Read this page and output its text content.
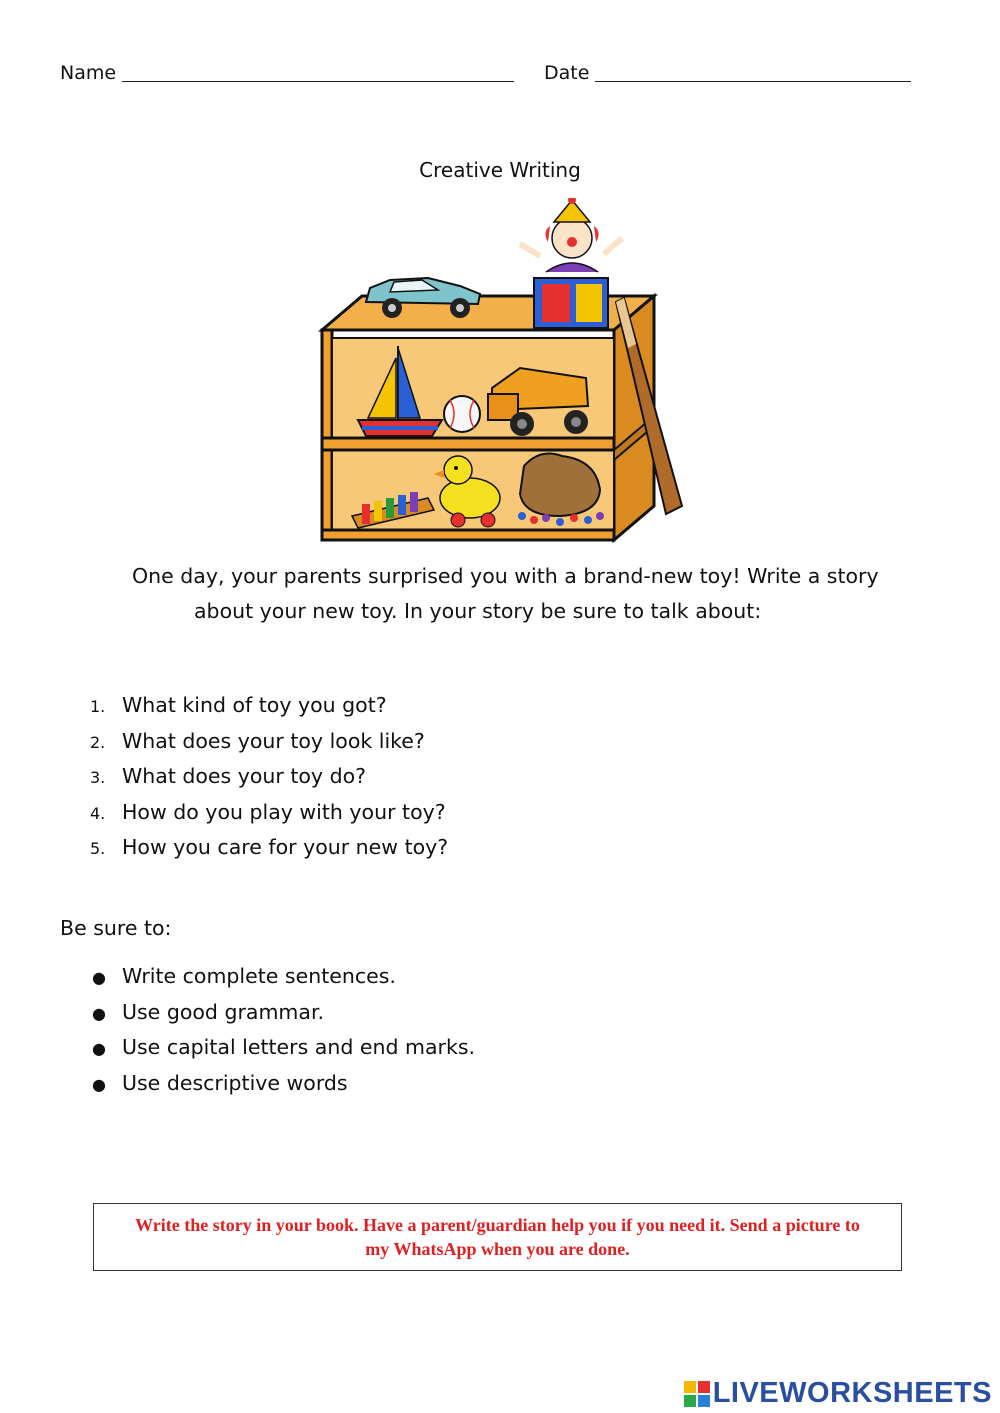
Name	Date
Creative Writing
One day, your parents surprised you with a brand-new toy! Write a story
about your new toy. In your story be sure to talk about:
1. What kind of toy you got?
2. What does your toy look like?
3. What does your toy do?
4. How do you play with your toy?
5. How you care for your new toy?
Be sure to:
● Write complete sentences.
● Use good grammar.
● Use capital letters and end marks.
● Use descriptive words
Write the story in your book. Have a parent/guardian help you if you need it. Send a picture to my WhatsApp when you are done.
LIVEWORKSHEETS
